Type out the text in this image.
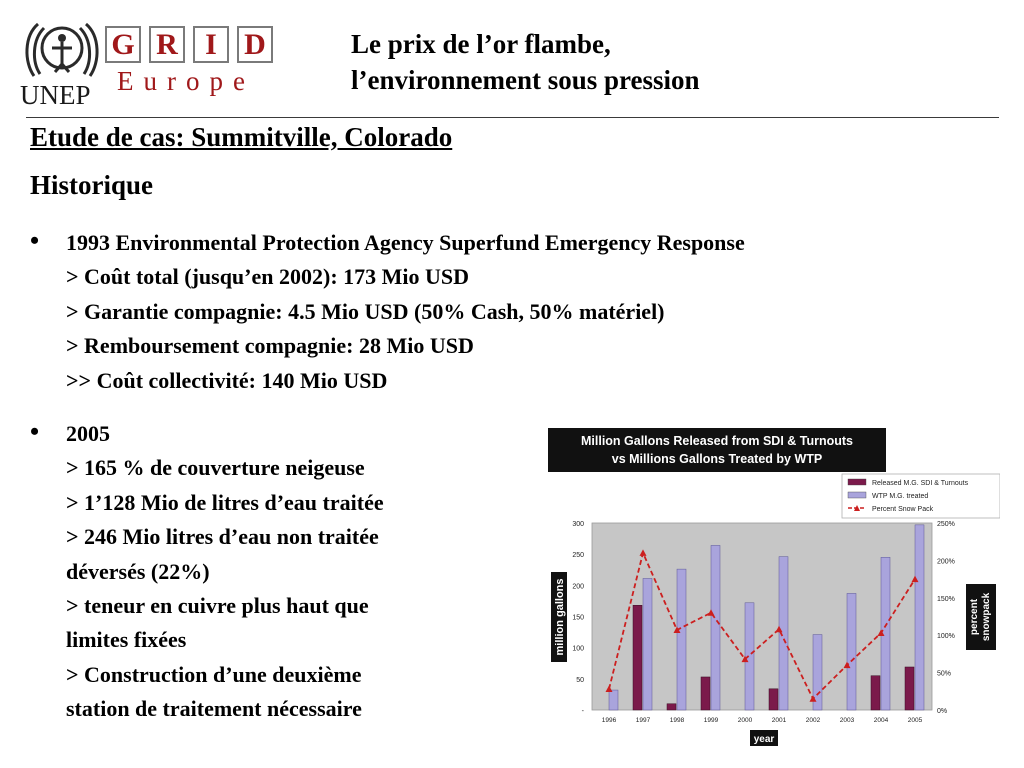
UNEP
G R I D
Europe
Le prix de l’or flambe,
l’environnement sous pression
Etude de cas: Summitville, Colorado
Historique
• 1993 Environmental Protection Agency Superfund Emergency Response
> Coût total (jusqu’en 2002): 173 Mio USD
> Garantie compagnie: 4.5 Mio USD (50% Cash, 50% matériel)
> Remboursement compagnie: 28 Mio USD
>> Coût collectivité: 140 Mio USD
• 2005
> 165 % de couverture neigeuse
> 1’128 Mio de litres d’eau traitée
> 246 Mio litres d’eau non traitée
déversés (22%)
> teneur en cuivre plus haut que
limites fixées
> Construction d’une deuxième
station de traitement nécessaire
Million Gallons Released from SDI & Turnouts
vs Millions Gallons Treated by WTP
-
50
100
150
200
250
300
0%
50%
100%
150%
200%
250%
1996	1997	1998	1999	2000	2001	2002	2003	2004	2005
million gallons	percent snowpack
year
Released M.G. SDI & Turnouts
WTP M.G. treated
Percent Snow Pack
